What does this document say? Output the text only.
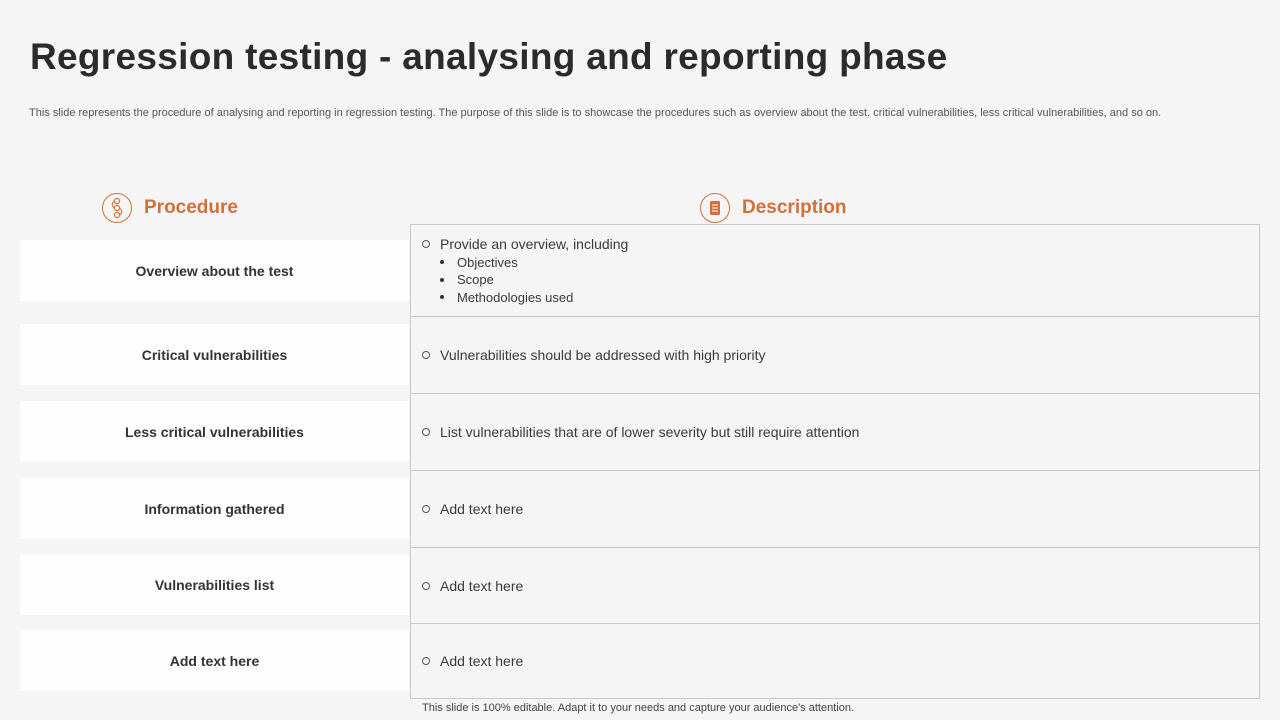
Regression testing - analysing and reporting phase

This slide represents the procedure of analysing and reporting in regression testing. The purpose of this slide is to showcase the procedures such as overview about the test, critical vulnerabilities, less critical vulnerabilities, and so on.

Procedure	Description
Overview about the test
Critical vulnerabilities
Less critical vulnerabilities
Information gathered
Vulnerabilities list
Add text here
Provide an overview, including
Objectives
Scope
Methodologies used
Vulnerabilities should be addressed with high priority
List vulnerabilities that are of lower severity but still require attention
Add text here
Add text here
Add text here

This slide is 100% editable. Adapt it to your needs and capture your audience's attention.
